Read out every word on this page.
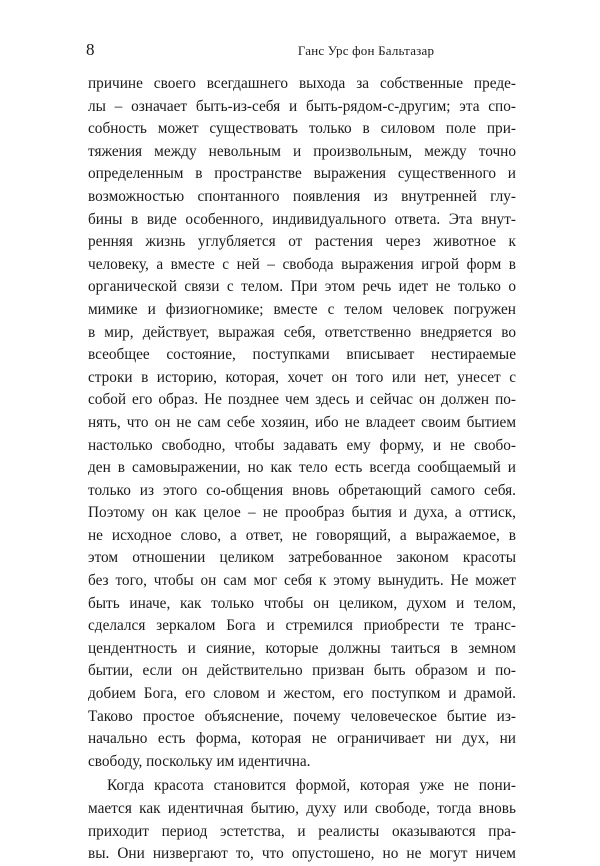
8	Ганс Урс фон Бальтазар
причине своего всегдашнего выхода за собственные преде-
лы – означает быть-из-себя и быть-рядом-с-другим; эта спо-
собность может существовать только в силовом поле при-
тяжения между невольным и произвольным, между точно
определенным в пространстве выражения существенного и
возможностью спонтанного появления из внутренней глу-
бины в виде особенного, индивидуального ответа. Эта внут-
ренняя жизнь углубляется от растения через животное к
человеку, а вместе с ней – свобода выражения игрой форм в
органической связи с телом. При этом речь идет не только о
мимике и физиогномике; вместе с телом человек погружен
в мир, действует, выражая себя, ответственно внедряется во
всеобщее состояние, поступками вписывает нестираемые
строки в историю, которая, хочет он того или нет, унесет с
собой его образ. Не позднее чем здесь и сейчас он должен по-
нять, что он не сам себе хозяин, ибо не владеет своим бытием
настолько свободно, чтобы задавать ему форму, и не свобо-
ден в самовыражении, но как тело есть всегда сообщаемый и
только из этого со-общения вновь обретающий самого себя.
Поэтому он как целое – не прообраз бытия и духа, а оттиск,
не исходное слово, а ответ, не говорящий, а выражаемое, в
этом отношении целиком затребованное законом красоты
без того, чтобы он сам мог себя к этому вынудить. Не может
быть иначе, как только чтобы он целиком, духом и телом,
сделался зеркалом Бога и стремился приобрести те транс-
цендентность и сияние, которые должны таиться в земном
бытии, если он действительно призван быть образом и по-
добием Бога, его словом и жестом, его поступком и драмой.
Таково простое объяснение, почему человеческое бытие из-
начально есть форма, которая не ограничивает ни дух, ни
свободу, поскольку им идентична.
Когда красота становится формой, которая уже не пони-
мается как идентичная бытию, духу или свободе, тогда вновь
приходит период эстетства, и реалисты оказываются пра-
вы. Они низвергают то, что опустошено, но не могут ничем
